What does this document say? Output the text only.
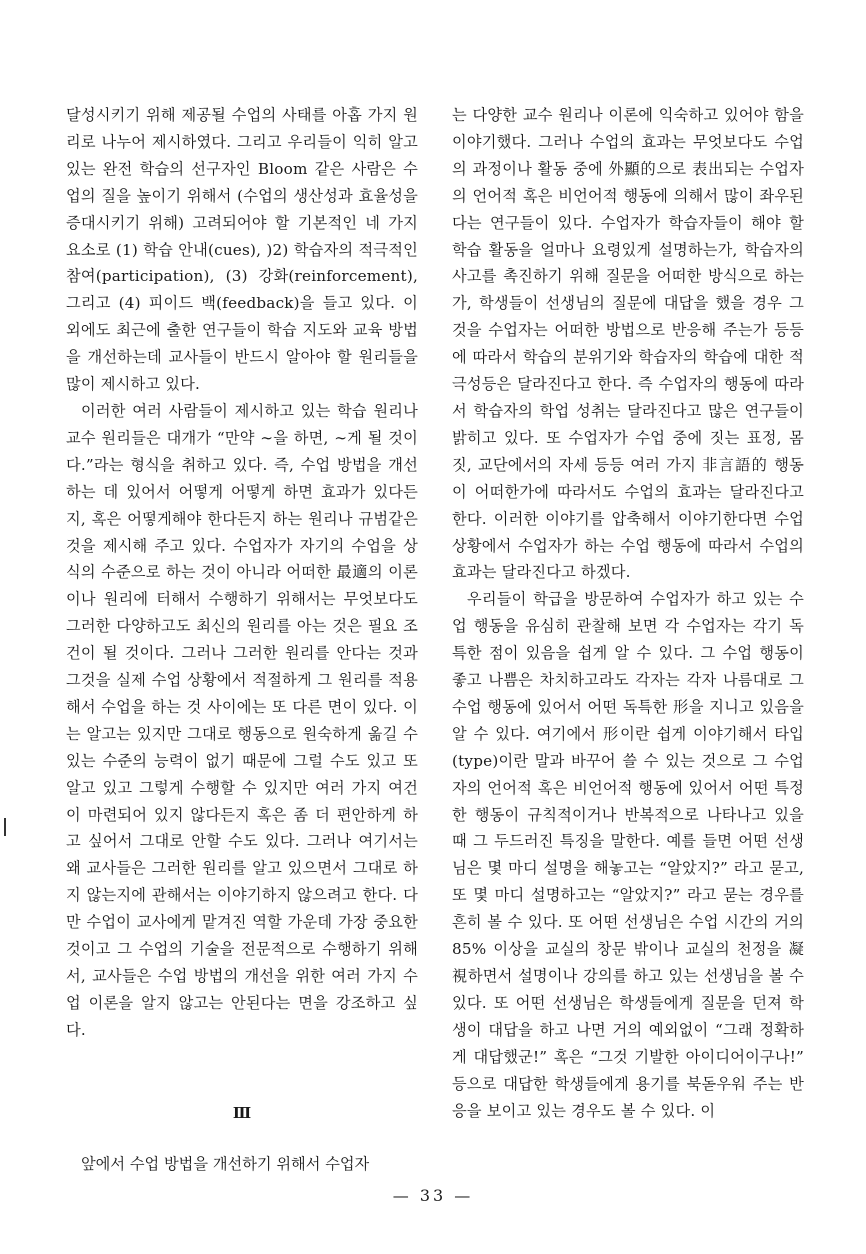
달성시키기 위해 제공될 수업의 사태를 아홉 가지 원리로 나누어 제시하였다. 그리고 우리들이 익히 알고 있는 완전 학습의 선구자인 Bloom 같은 사람은 수업의 질을 높이기 위해서 (수업의 생산성과 효율성을 증대시키기 위해) 고려되어야 할 기본적인 네 가지 요소로 (1) 학습 안내(cues), )2) 학습자의 적극적인 참여(participation), (3) 강화(reinforcement), 그리고 (4) 피이드 백(feedback)을 들고 있다. 이 외에도 최근에 출한 연구들이 학습 지도와 교육 방법을 개선하는데 교사들이 반드시 알아야 할 원리들을 많이 제시하고 있다.

이러한 여러 사람들이 제시하고 있는 학습 원리나 교수 원리들은 대개가 “만약 ∼을 하면, ∼게 될 것이다.”라는 형식을 취하고 있다. 즉, 수업 방법을 개선하는 데 있어서 어떻게 어떻게 하면 효과가 있다든지, 혹은 어떻게해야 한다든지 하는 원리나 규범같은 것을 제시해 주고 있다. 수업자가 자기의 수업을 상식의 수준으로 하는 것이 아니라 어떠한 最適의 이론이나 원리에 터해서 수행하기 위해서는 무엇보다도 그러한 다양하고도 최신의 원리를 아는 것은 필요 조건이 될 것이다. 그러나 그러한 원리를 안다는 것과 그것을 실제 수업 상황에서 적절하게 그 원리를 적용해서 수업을 하는 것 사이에는 또 다른 면이 있다. 이는 알고는 있지만 그대로 행동으로 원숙하게 옮길 수 있는 수준의 능력이 없기 때문에 그럴 수도 있고 또 알고 있고 그렇게 수행할 수 있지만 여러 가지 여건이 마련되어 있지 않다든지 혹은 좀 더 편안하게 하고 싶어서 그대로 안할 수도 있다. 그러나 여기서는 왜 교사들은 그러한 원리를 알고 있으면서 그대로 하지 않는지에 관해서는 이야기하지 않으려고 한다. 다만 수업이 교사에게 맡겨진 역할 가운데 가장 중요한 것이고 그 수업의 기술을 전문적으로 수행하기 위해서, 교사들은 수업 방법의 개선을 위한 여러 가지 수업 이론을 알지 않고는 안된다는 면을 강조하고 싶다.

Ⅲ
앞에서 수업 방법을 개선하기 위해서 수업자

는 다양한 교수 원리나 이론에 익숙하고 있어야 함을 이야기했다. 그러나 수업의 효과는 무엇보다도 수업의 과정이나 활동 중에 外顯的으로 表出되는 수업자의 언어적 혹은 비언어적 행동에 의해서 많이 좌우된다는 연구들이 있다. 수업자가 학습자들이 해야 할 학습 활동을 얼마나 요령있게 설명하는가, 학습자의 사고를 촉진하기 위해 질문을 어떠한 방식으로 하는가, 학생들이 선생님의 질문에 대답을 했을 경우 그것을 수업자는 어떠한 방법으로 반응해 주는가 등등에 따라서 학습의 분위기와 학습자의 학습에 대한 적극성등은 달라진다고 한다. 즉 수업자의 행동에 따라서 학습자의 학업 성취는 달라진다고 많은 연구들이 밝히고 있다. 또 수업자가 수업 중에 짓는 표정, 몸짓, 교단에서의 자세 등등 여러 가지 非言語的 행동이 어떠한가에 따라서도 수업의 효과는 달라진다고 한다. 이러한 이야기를 압축해서 이야기한다면 수업 상황에서 수업자가 하는 수업 행동에 따라서 수업의 효과는 달라진다고 하겠다.

우리들이 학급을 방문하여 수업자가 하고 있는 수업 행동을 유심히 관찰해 보면 각 수업자는 각기 독특한 점이 있음을 쉽게 알 수 있다. 그 수업 행동이 좋고 나쁨은 차치하고라도 각자는 각자 나름대로 그 수업 행동에 있어서 어떤 독특한 形을 지니고 있음을 알 수 있다. 여기에서 形이란 쉽게 이야기해서 타입(type)이란 말과 바꾸어 쓸 수 있는 것으로 그 수업자의 언어적 혹은 비언어적 행동에 있어서 어떤 특정한 행동이 규칙적이거나 반복적으로 나타나고 있을 때 그 두드러진 특징을 말한다. 예를 들면 어떤 선생님은 몇 마디 설명을 해놓고는 “알았지?” 라고 묻고, 또 몇 마디 설명하고는 “알았지?” 라고 묻는 경우를 흔히 볼 수 있다. 또 어떤 선생님은 수업 시간의 거의 85% 이상을 교실의 창문 밖이나 교실의 천정을 凝視하면서 설명이나 강의를 하고 있는 선생님을 볼 수 있다. 또 어떤 선생님은 학생들에게 질문을 던져 학생이 대답을 하고 나면 거의 예외없이 “그래 정확하게 대답했군!” 혹은 “그것 기발한 아이디어이구나!” 등으로 대답한 학생들에게 용기를 북돋우워 주는 반응을 보이고 있는 경우도 볼 수 있다. 이

— 33 —
